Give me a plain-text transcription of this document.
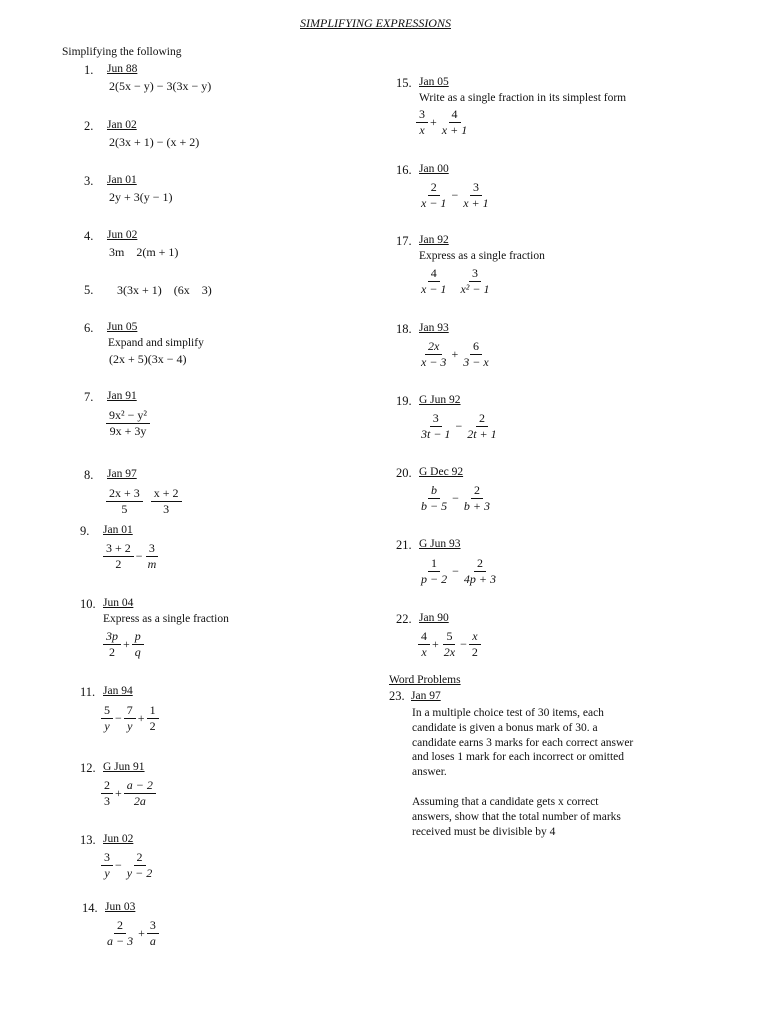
SIMPLIFYING EXPRESSIONS
Simplifying the following
1. Jun 88
2(5x − y) − 3(3x − y)
2. Jan 02
2(3x + 1) − (x + 2)
3. Jan 01
2y + 3(y − 1)
4. Jun 02
3m    2(m + 1)
5. 3(3x + 1)    (6x    3)
6. Jun 05
Expand and simplify
(2x + 5)(3x − 4)
7. Jan 91
9x² − y²
9x + 3y
8. Jan 97
2x + 3
5
x + 2
3
9. Jan 01
3 + 2
2
− $\frac{3}{m}$
10. Jun 04
Express as a single fraction
3p
2
+ $\frac{p}{q}$
11. Jan 94
5
y
− $\frac{7}{y} + \frac{1}{2}$
12. G Jun 91
2
3
+ $\frac{a - 2}{2a}$
13. Jun 02
3
y
− $\frac{2}{y - 2}$
14. Jun 03
2
a − 3
+ $\frac{3}{a}$
15. Jan 05
Write as a single fraction in its simplest form
3
x
+ $\frac{4}{x + 1}$
16. Jan 00
2
x − 1
− $\frac{3}{x + 1}$
17. Jan 92
Express as a single fraction
4
x − 1
3
x² − 1
18. Jan 93
2x
x − 3
+ $\frac{6}{3 - x}$
19. G Jun 92
3
3t − 1
− $\frac{2}{2t + 1}$
20. G Dec 92
b
b − 5
− $\frac{2}{b + 3}$
21. G Jun 93
1
p − 2
− $\frac{2}{4p + 3}$
22. Jan 90
4
x
+ $\frac{5}{2x} - \frac{x}{2}$
Word Problems
23. Jan 97
In a multiple choice test of 30 items, each
candidate is given a bonus mark of 30. a
candidate earns 3 marks for each correct answer
and loses 1 mark for each incorrect or omitted
answer.
Assuming that a candidate gets x correct
answers, show that the total number of marks
received must be divisible by 4
